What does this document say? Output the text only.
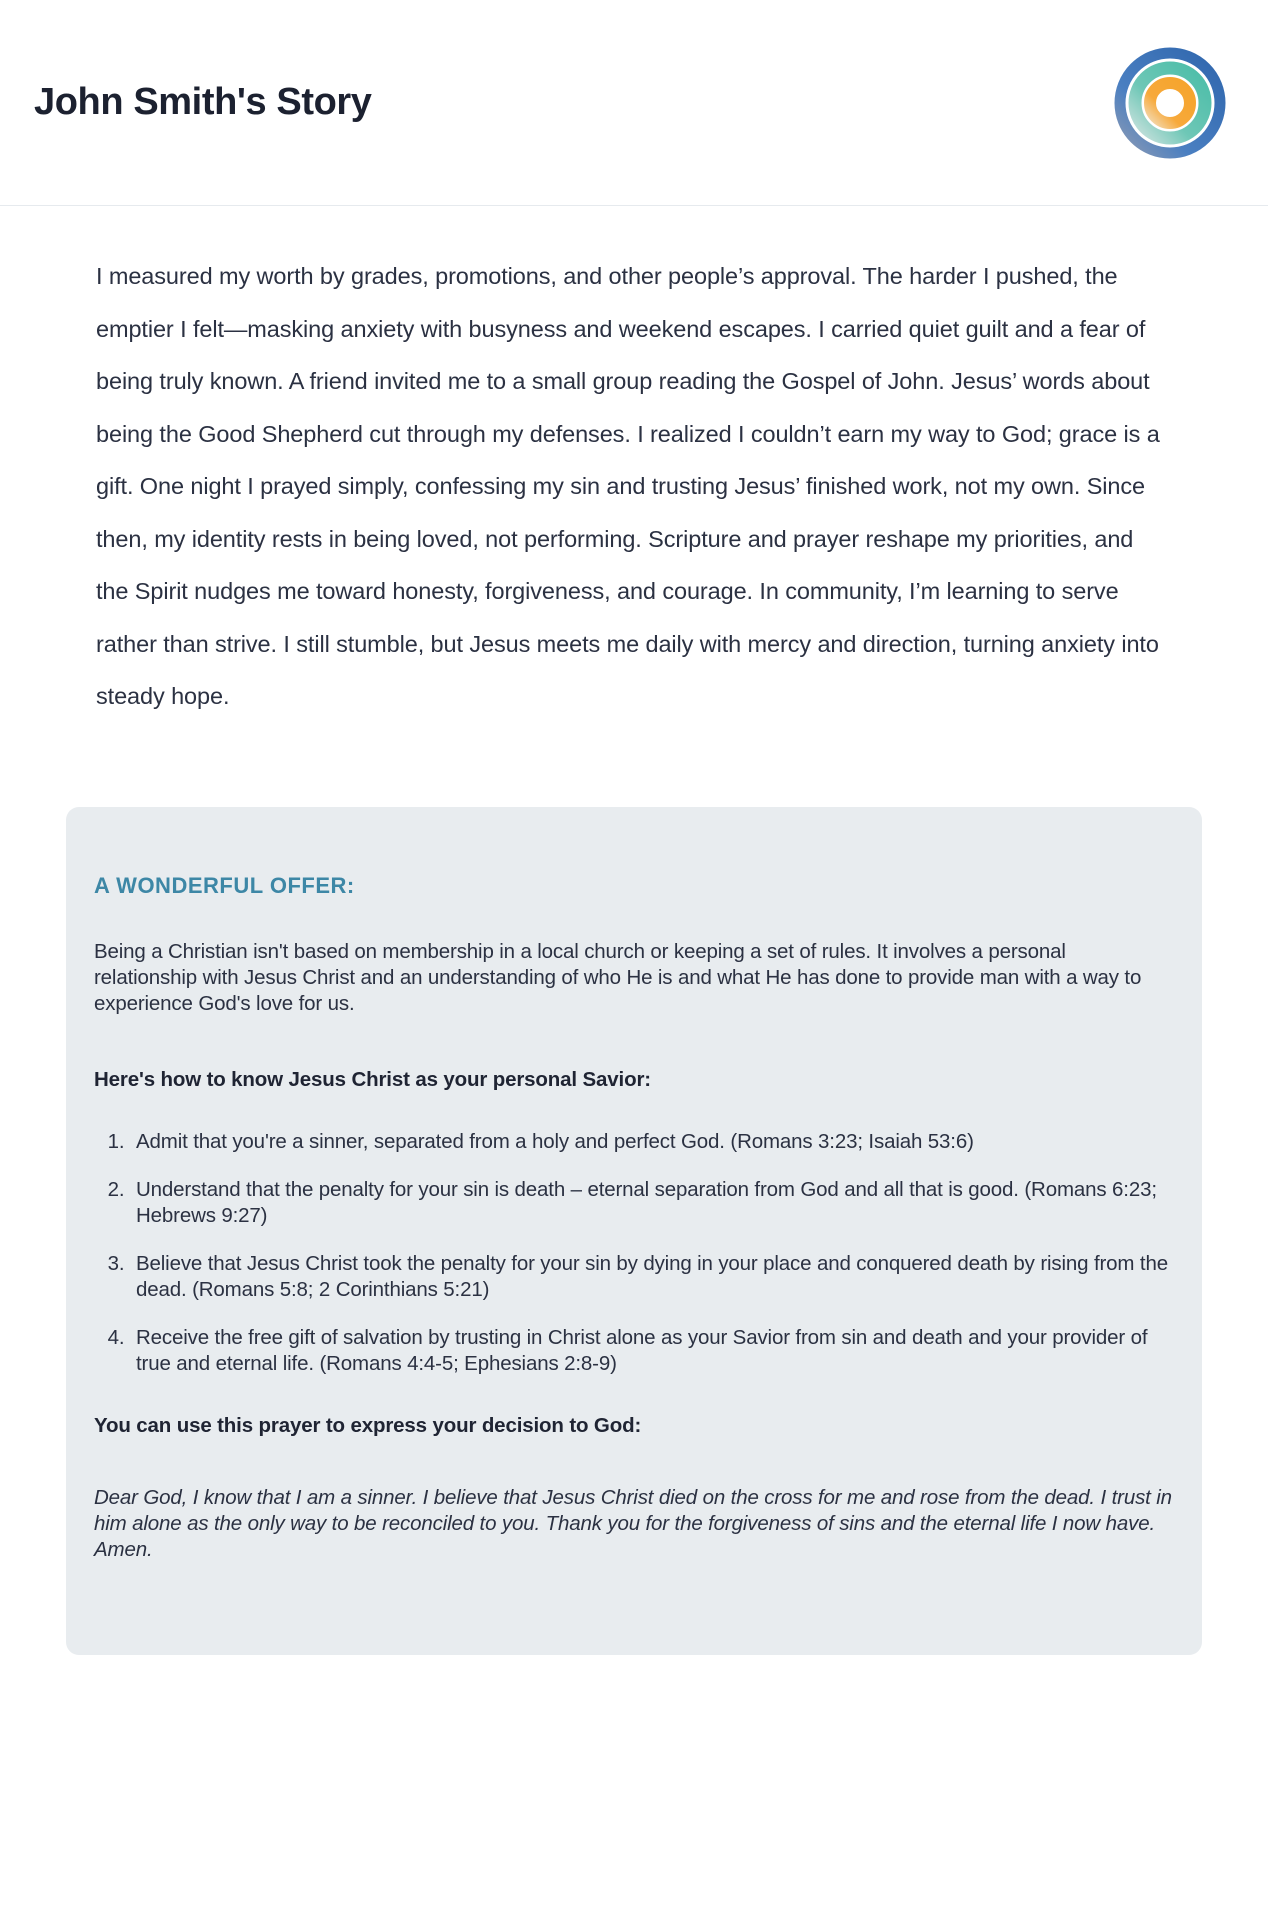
John Smith's Story

I measured my worth by grades, promotions, and other people’s approval. The harder I pushed, the emptier I felt—masking anxiety with busyness and weekend escapes. I carried quiet guilt and a fear of being truly known. A friend invited me to a small group reading the Gospel of John. Jesus’ words about being the Good Shepherd cut through my defenses. I realized I couldn’t earn my way to God; grace is a gift. One night I prayed simply, confessing my sin and trusting Jesus’ finished work, not my own. Since then, my identity rests in being loved, not performing. Scripture and prayer reshape my priorities, and the Spirit nudges me toward honesty, forgiveness, and courage. In community, I’m learning to serve rather than strive. I still stumble, but Jesus meets me daily with mercy and direction, turning anxiety into steady hope.

A WONDERFUL OFFER:

Being a Christian isn't based on membership in a local church or keeping a set of rules. It involves a personal relationship with Jesus Christ and an understanding of who He is and what He has done to provide man with a way to experience God's love for us.

Here's how to know Jesus Christ as your personal Savior:

1. Admit that you're a sinner, separated from a holy and perfect God. (Romans 3:23; Isaiah 53:6)
2. Understand that the penalty for your sin is death – eternal separation from God and all that is good. (Romans 6:23; Hebrews 9:27)
3. Believe that Jesus Christ took the penalty for your sin by dying in your place and conquered death by rising from the dead. (Romans 5:8; 2 Corinthians 5:21)
4. Receive the free gift of salvation by trusting in Christ alone as your Savior from sin and death and your provider of true and eternal life. (Romans 4:4-5; Ephesians 2:8-9)

You can use this prayer to express your decision to God:

Dear God, I know that I am a sinner. I believe that Jesus Christ died on the cross for me and rose from the dead. I trust in him alone as the only way to be reconciled to you. Thank you for the forgiveness of sins and the eternal life I now have. Amen.
